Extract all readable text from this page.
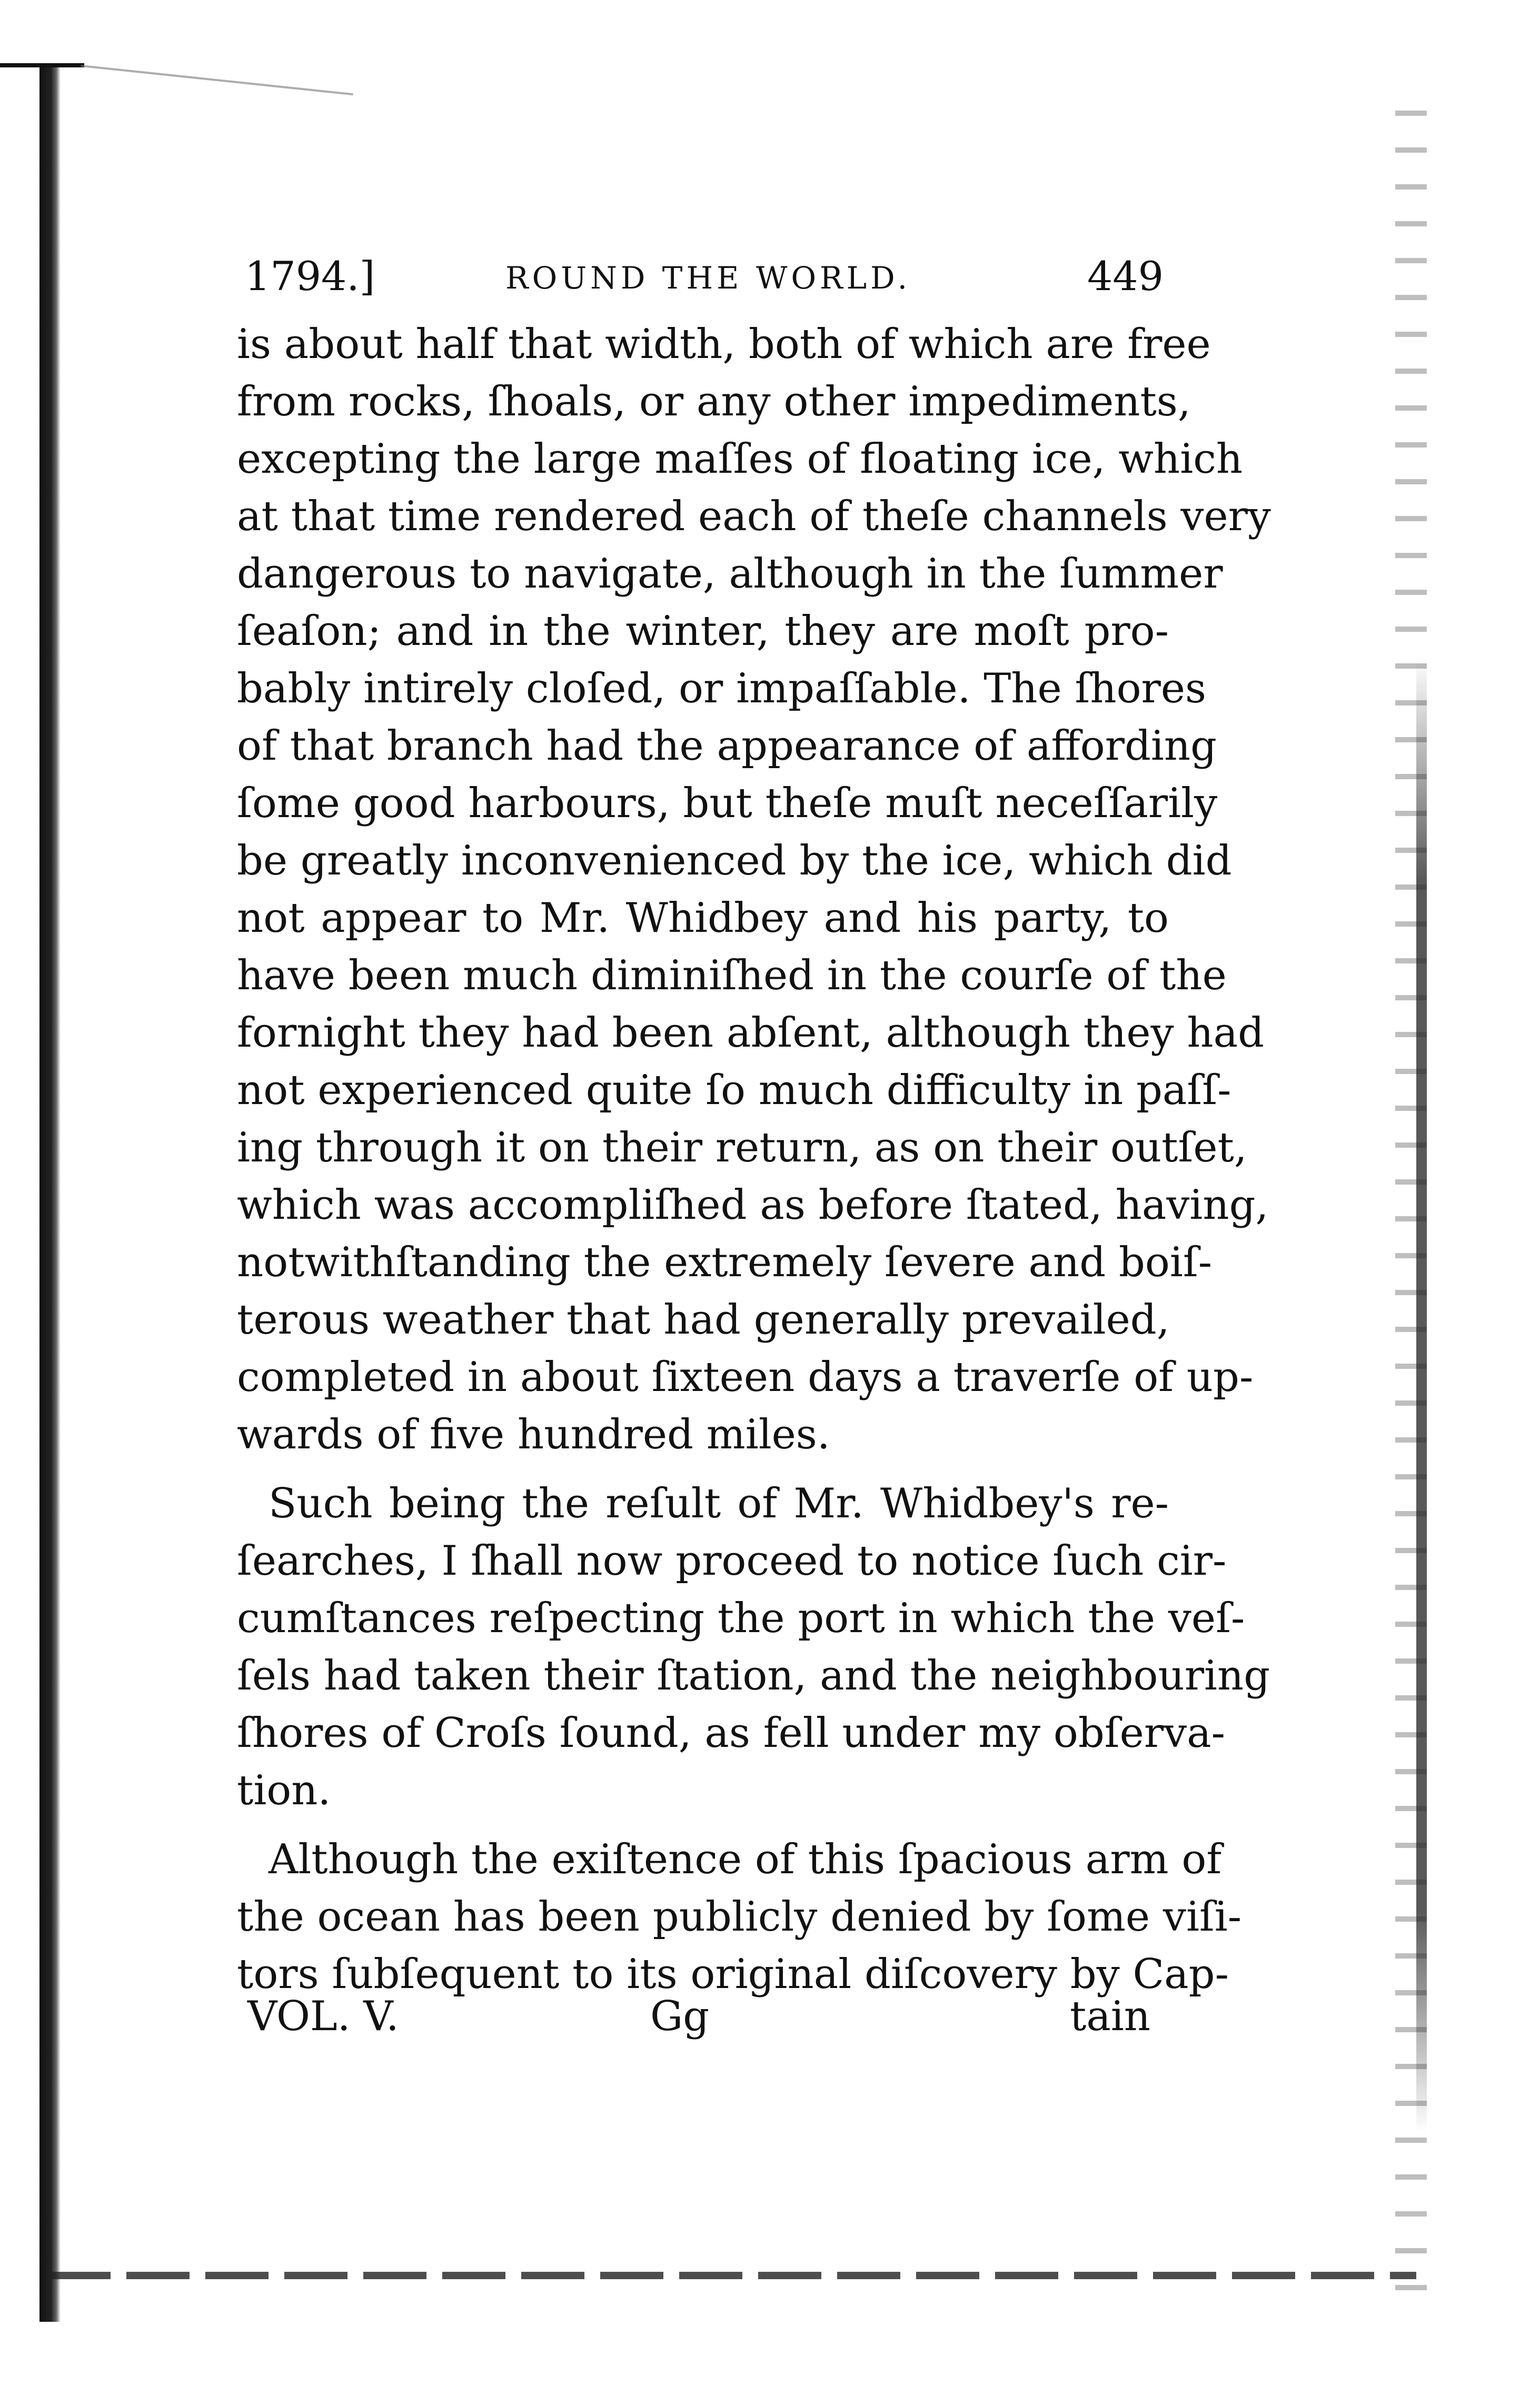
1794.]	ROUND THE WORLD.	449
is about half that width, both of which are free
from rocks, ſhoals, or any other impediments,
excepting the large maſſes of floating ice, which
at that time rendered each of theſe channels very
dangerous to navigate, although in the ſummer
ſeaſon; and in the winter, they are moſt pro-
bably intirely cloſed, or impaſſable. The ſhores
of that branch had the appearance of affording
ſome good harbours, but theſe muſt neceſſarily
be greatly inconvenienced by the ice, which did
not appear to Mr. Whidbey and his party, to
have been much diminiſhed in the courſe of the
fornight they had been abſent, although they had
not experienced quite ſo much difficulty in paſſ-
ing through it on their return, as on their outſet,
which was accompliſhed as before ſtated, having,
notwithſtanding the extremely ſevere and boiſ-
terous weather that had generally prevailed,
completed in about ſixteen days a traverſe of up-
wards of five hundred miles.
Such being the reſult of Mr. Whidbey's re-
ſearches, I ſhall now proceed to notice ſuch cir-
cumſtances reſpecting the port in which the veſ-
ſels had taken their ſtation, and the neighbouring
ſhores of Croſs ſound, as fell under my obſerva-
tion.
Although the exiſtence of this ſpacious arm of
the ocean has been publicly denied by ſome viſi-
tors ſubſequent to its original diſcovery by Cap-
VOL. V.	Gg	tain
